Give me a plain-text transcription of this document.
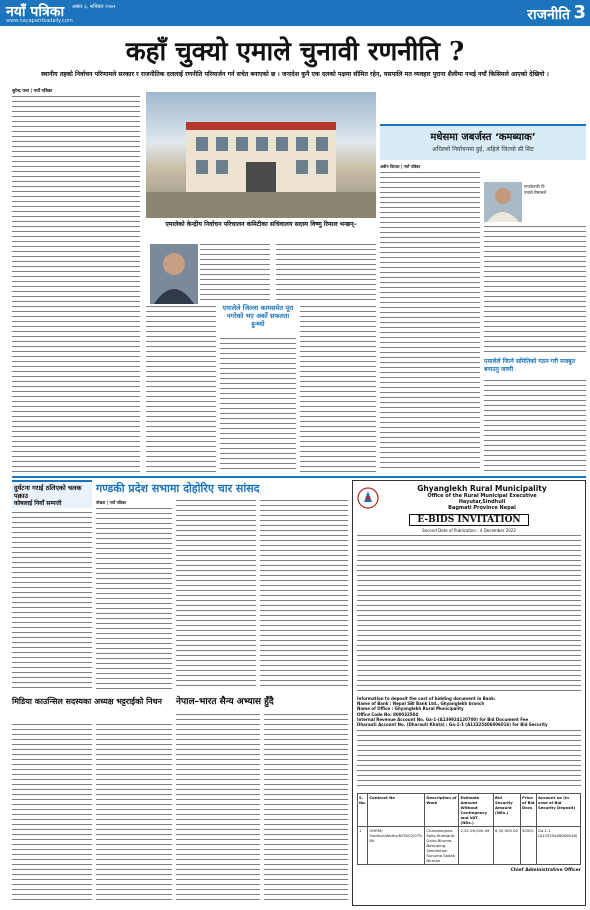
नयाँ पत्रिका
www.nayapatrikadaily.com
असार ३, शनिबार २०७९	राजनीति 3
कहाँ चुक्यो एमाले चुनावी रणनीति ?
स्थानीय तहको निर्वाचन परिणामले सरकार र राजनीतिक दललाई रणनीति परिमार्जन गर्न सचेत बनाएको छ । जनादेश कुनै एक दलको पक्षमा सीमित रहेन, यसपालि मत व्यवहार पुराना शैलीमा नभई नयाँ किसिमले आएको देखियो ।
सुरेन्द्र पन्थ | नयाँ पत्रिका
एमालेको केन्द्रीय निर्वाचन परिचालन कमिटीका सचिवालय सदस्य विष्णु रिमाल भन्छन्–
एमालेले जिल्ला कामसमेत पूरा नगरेको भए अर्को सफलता हुन्थ्यो
मधेसमा जबर्जस्त ‘कमब्याक’
अधिल्लो निर्वाचनमा हुई, अहिले जितयो सी सिट
अवीन धिताल | नयाँ पत्रिका
नायकेतकी पि
एमाले रिमालले
एमालेले जित्ने समितिको गठन गरी मजबुत बनाउनु जरुरी
दुर्घटना गराई ठलिएको चलक पक्राउ
कोषलाई नियाँ सम्पत्ती
मिडिया काउन्सिल सदस्यका अध्यक्ष भट्टराईको निधन
गण्डकी प्रदेश सभामा दोहोरिए चार सांसद
पोखरा | नयाँ पत्रिका
नेपाल–भारत सैन्य अभ्यास हुँदै
Ghyanglekh Rural Municipality
Office of the Rural Municipal Executive
Hayutar,Sindhuli
Bagmati Province Nepal
E-BIDS INVITATION
Second Date of Publication : 4 December 2022
Information to deposit the cost of bidding document in Bank:
Name of Bank : Nepal SBI Bank Ltd., Ghyanglekh branch
Name of Office : Ghyanglekh Rural Municipality
Office Code No: 800032504
Internal Revenue Account No. Ga-1-(A139924120700) for Bid Document Fee
Dharauti Account No. (Dharauti Khata) : Ga-1-1 (A13325406006016) for Bid Security
S. No.	Contract No	Description of Work	Estimate Amount Without Contingency and VAT (NRs.)	Bid Security Amount (NRs.)	Price of Bid Docs	Account no (in case of Bid Security Deposit)
1	GHRM/ Sindhuli/Works/NCB/02/079-80	Chandangrao-Sallo-Kuretanti-Gairo-Bhume-Basipping-Sashtikhan Sunuma Sadak Nirman	2,52,26,000.49	6,30,500.00	5000/-	Ga-1-1 (A13325406006016)
Chief Administrative Officer
